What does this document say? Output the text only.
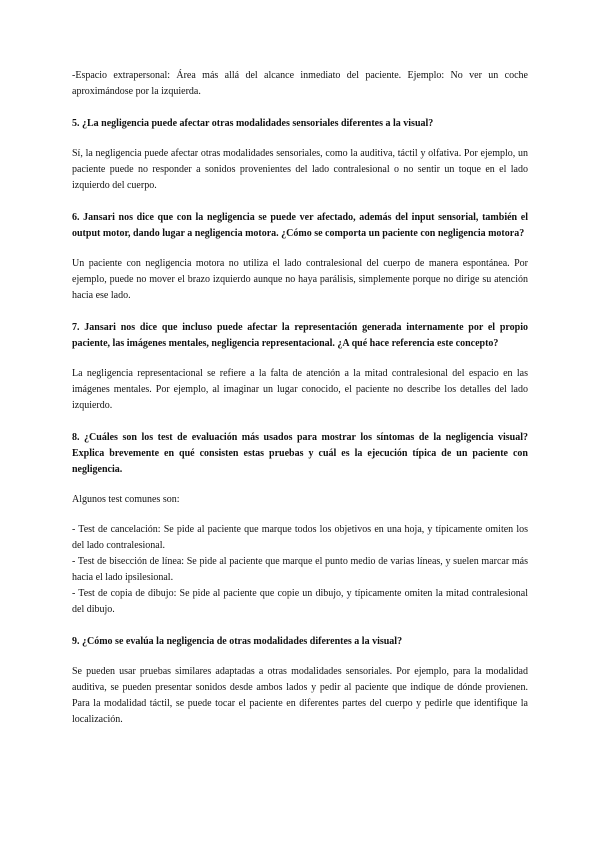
-Espacio extrapersonal: Área más allá del alcance inmediato del paciente. Ejemplo: No ver un coche aproximándose por la izquierda.

5. ¿La negligencia puede afectar otras modalidades sensoriales diferentes a la visual?

Sí, la negligencia puede afectar otras modalidades sensoriales, como la auditiva, táctil y olfativa. Por ejemplo, un paciente puede no responder a sonidos provenientes del lado contralesional o no sentir un toque en el lado izquierdo del cuerpo.

6. Jansari nos dice que con la negligencia se puede ver afectado, además del input sensorial, también el output motor, dando lugar a negligencia motora. ¿Cómo se comporta un paciente con negligencia motora?

Un paciente con negligencia motora no utiliza el lado contralesional del cuerpo de manera espontánea. Por ejemplo, puede no mover el brazo izquierdo aunque no haya parálisis, simplemente porque no dirige su atención hacia ese lado.

7. Jansari nos dice que incluso puede afectar la representación generada internamente por el propio paciente, las imágenes mentales, negligencia representacional. ¿A qué hace referencia este concepto?

La negligencia representacional se refiere a la falta de atención a la mitad contralesional del espacio en las imágenes mentales. Por ejemplo, al imaginar un lugar conocido, el paciente no describe los detalles del lado izquierdo.

8. ¿Cuáles son los test de evaluación más usados para mostrar los síntomas de la negligencia visual? Explica brevemente en qué consisten estas pruebas y cuál es la ejecución típica de un paciente con negligencia.

Algunos test comunes son:

- Test de cancelación: Se pide al paciente que marque todos los objetivos en una hoja, y típicamente omiten los del lado contralesional.

- Test de bisección de línea: Se pide al paciente que marque el punto medio de varias líneas, y suelen marcar más hacia el lado ipsilesional.

- Test de copia de dibujo: Se pide al paciente que copie un dibujo, y típicamente omiten la mitad contralesional del dibujo.

9. ¿Cómo se evalúa la negligencia de otras modalidades diferentes a la visual?

Se pueden usar pruebas similares adaptadas a otras modalidades sensoriales. Por ejemplo, para la modalidad auditiva, se pueden presentar sonidos desde ambos lados y pedir al paciente que indique de dónde provienen. Para la modalidad táctil, se puede tocar el paciente en diferentes partes del cuerpo y pedirle que identifique la localización.
